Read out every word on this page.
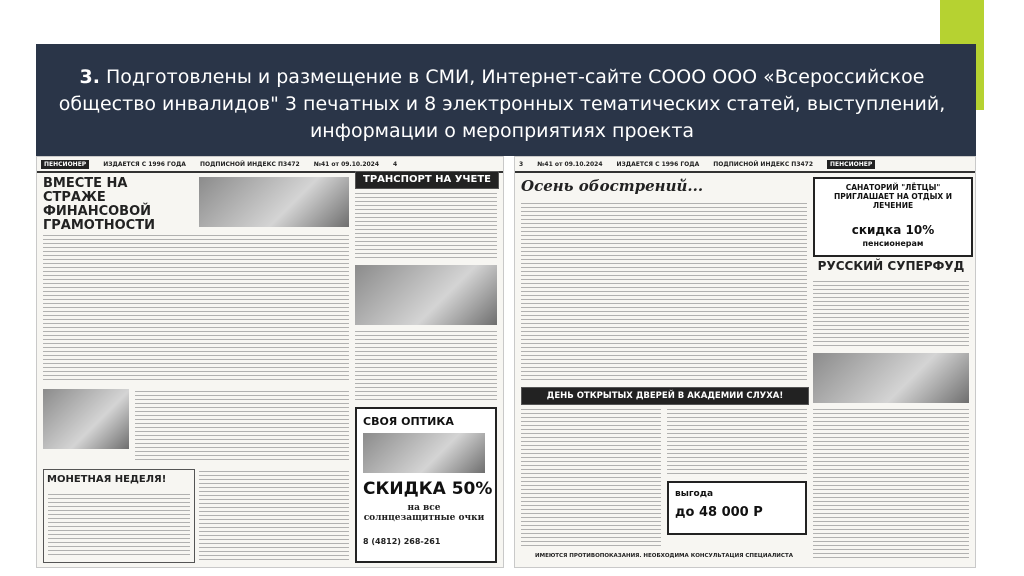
3. Подготовлены и размещение в СМИ, Интернет-сайте СООО ООО «Всероссийское общество инвалидов" 3 печатных и 8 электронных тематических статей, выступлений, информации о мероприятиях проекта
ПЕНСИОНЕР	ИЗДАЕТСЯ С 1996 ГОДА ПОДПИСНОЙ ИНДЕКС П3472 №41 от 09.10.2024 4
ВМЕСТЕ НА СТРАЖЕ ФИНАНСОВОЙ ГРАМОТНОСТИ
ТРАНСПОРТ НА УЧЕТЕ
СВОЯ ОПТИКА
СКИДКА 50%
на все солнцезащитные очки
8 (4812) 268-261
МОНЕТНАЯ НЕДЕЛЯ!
3 №41 от 09.10.2024 ИЗДАЕТСЯ С 1996 ГОДА ПОДПИСНОЙ ИНДЕКС П3472	ПЕНСИОНЕР
Осень обострений...
ДЕНЬ ОТКРЫТЫХ ДВЕРЕЙ В АКАДЕМИИ СЛУХА!
выгода
до 48 000 Р
ИМЕЮТСЯ ПРОТИВОПОКАЗАНИЯ. НЕОБХОДИМА КОНСУЛЬТАЦИЯ СПЕЦИАЛИСТА
САНАТОРИЙ "ЛЁТЦЫ" ПРИГЛАШАЕТ НА ОТДЫХ И ЛЕЧЕНИЕ
скидка 10%
пенсионерам
РУССКИЙ СУПЕРФУД
